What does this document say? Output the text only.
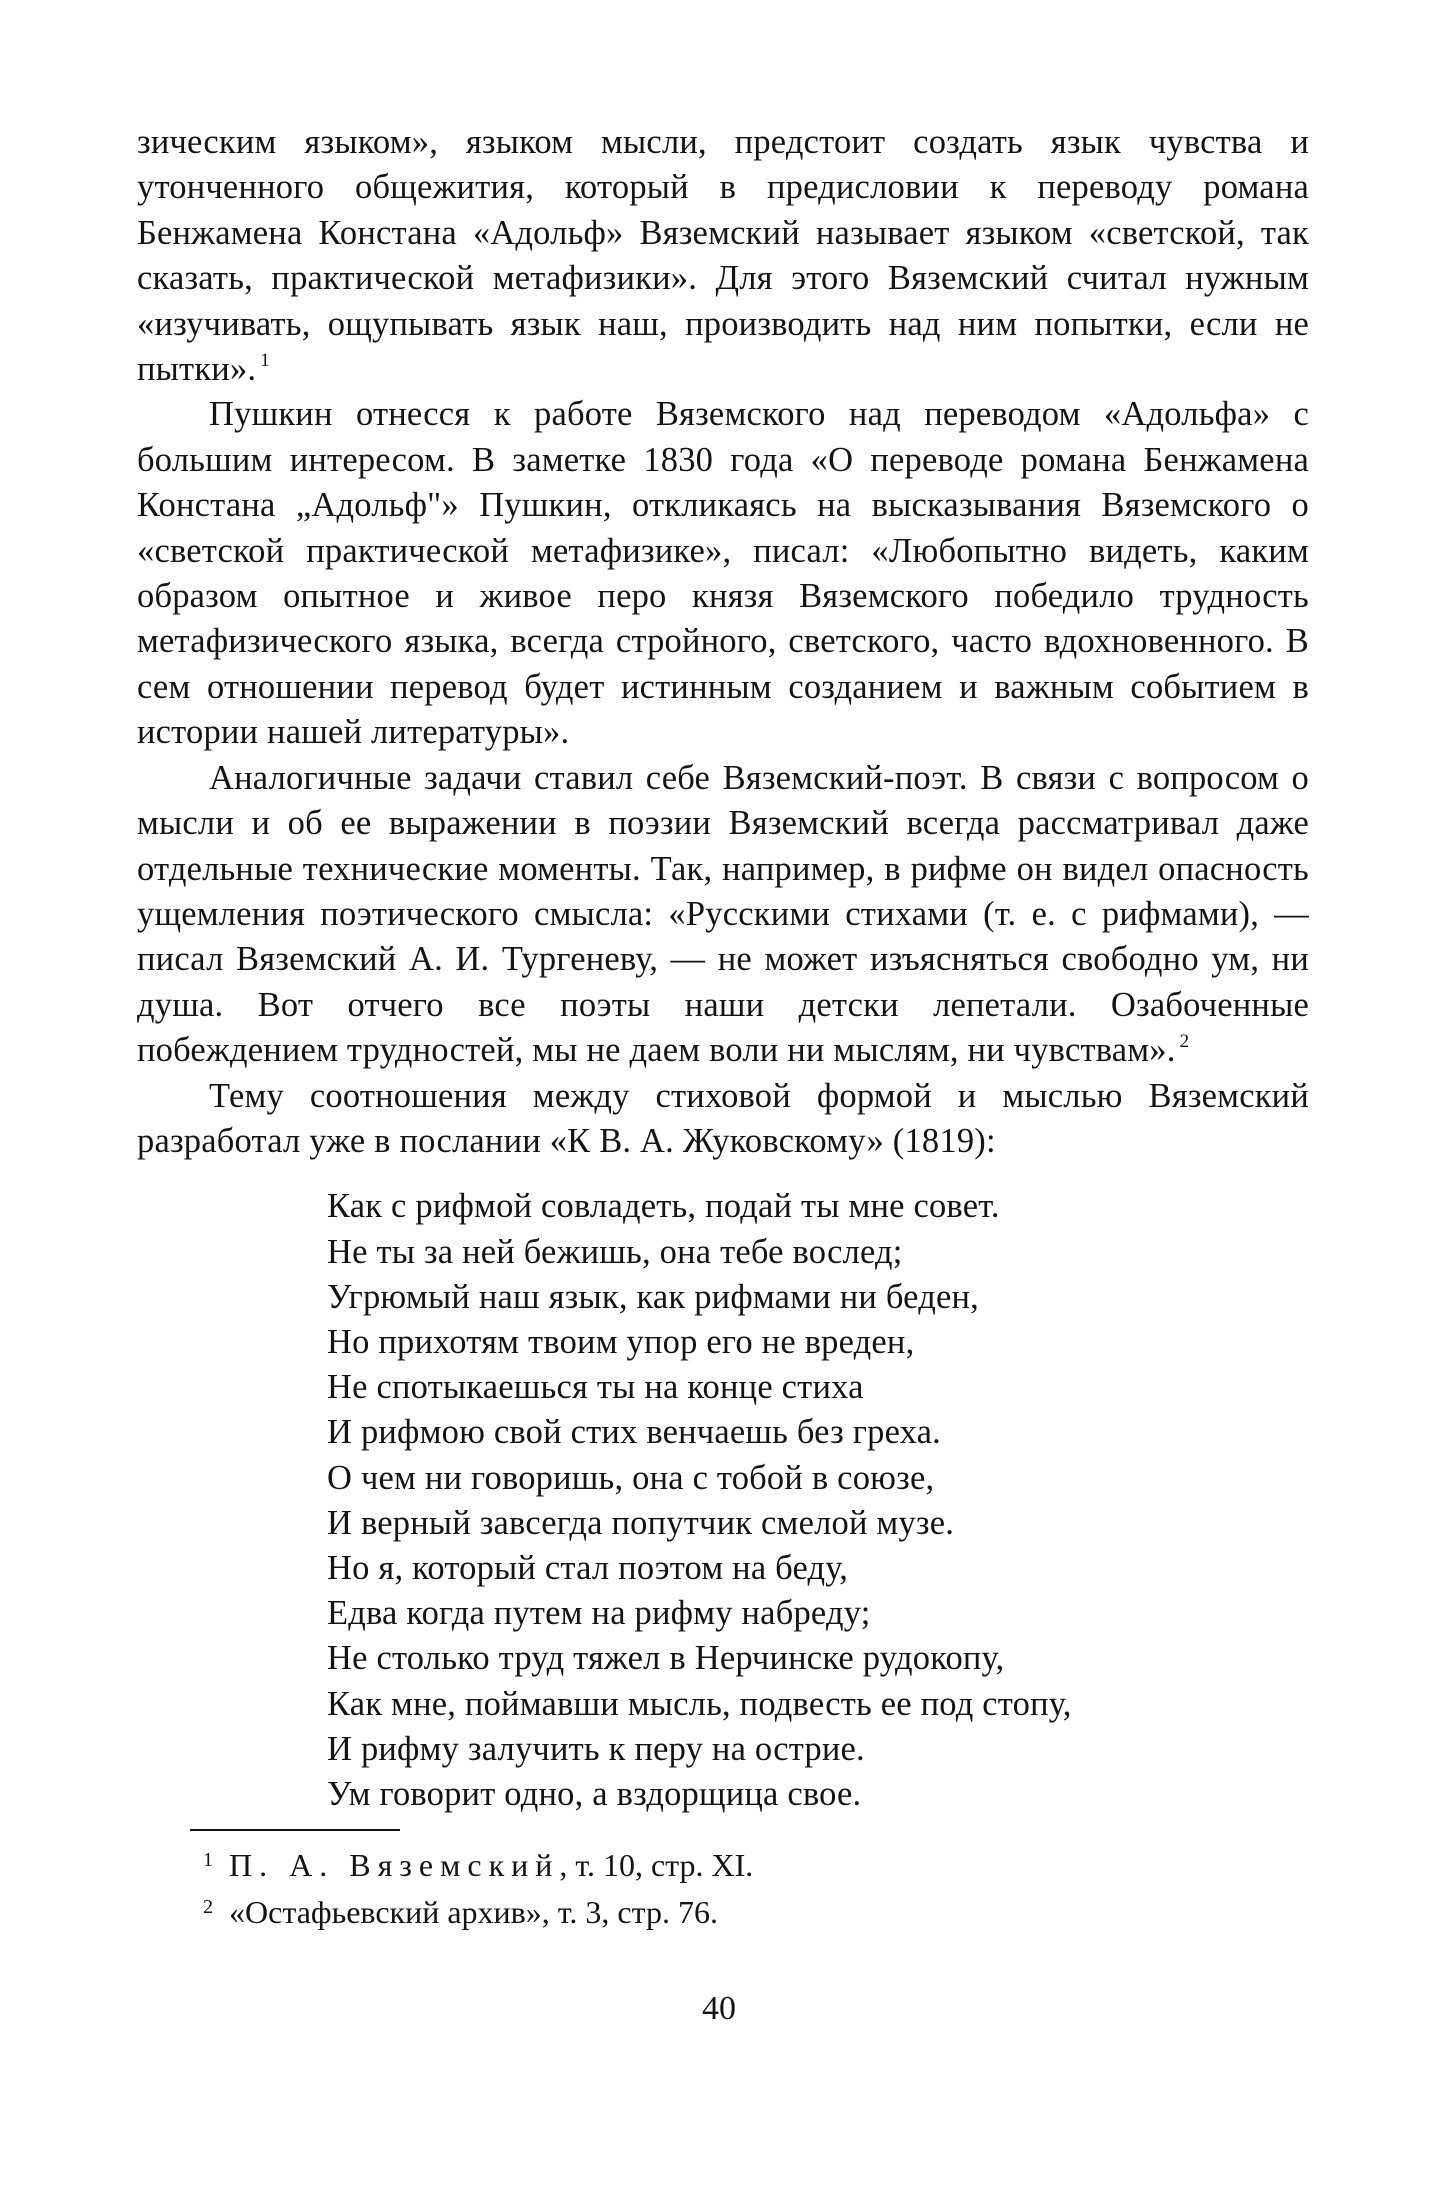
зическим языком», языком мысли, предстоит создать язык чувства и утонченного общежития, который в предисловии к переводу романа Бенжамена Констана «Адольф» Вяземский называет языком «светской, так сказать, практической метафизики». Для этого Вяземский считал нужным «изучивать, ощупывать язык наш, производить над ним попытки, если не пытки». $^1$

Пушкин отнесся к работе Вяземского над переводом «Адольфа» с большим интересом. В заметке 1830 года «О переводе романа Бенжамена Констана „Адольф"» Пушкин, откликаясь на высказывания Вяземского о «светской практической метафизике», писал: «Любопытно видеть, каким образом опытное и живое перо князя Вяземского победило трудность метафизического языка, всегда стройного, светского, часто вдохновенного. В сем отношении перевод будет истинным созданием и важным событием в истории нашей литературы».

Аналогичные задачи ставил себе Вяземский-поэт. В связи с вопросом о мысли и об ее выражении в поэзии Вяземский всегда рассматривал даже отдельные технические моменты. Так, например, в рифме он видел опасность ущемления поэтического смысла: «Русскими стихами (т. е. с рифмами), — писал Вяземский А. И. Тургеневу, — не может изъясняться свободно ум, ни душа. Вот отчего все поэты наши детски лепетали. Озабоченные побеждением трудностей, мы не даем воли ни мыслям, ни чувствам». $^2$

Тему соотношения между стиховой формой и мыслью Вяземский разработал уже в послании «К В. А. Жуковскому» (1819):

Как с рифмой совладеть, подай ты мне совет.
Не ты за ней бежишь, она тебе вослед;
Угрюмый наш язык, как рифмами ни беден,
Но прихотям твоим упор его не вреден,
Не спотыкаешься ты на конце стиха
И рифмою свой стих венчаешь без греха.
О чем ни говоришь, она с тобой в союзе,
И верный завсегда попутчик смелой музе.
Но я, который стал поэтом на беду,
Едва когда путем на рифму набреду;
Не столько труд тяжел в Нерчинске рудокопу,
Как мне, поймавши мысль, подвесть ее под стопу,
И рифму залучить к перу на острие.
Ум говорит одно, а вздорщица свое.
1 П. А. Вяземский, т. 10, стр. XI.
2 «Остафьевский архив», т. 3, стр. 76.
40
